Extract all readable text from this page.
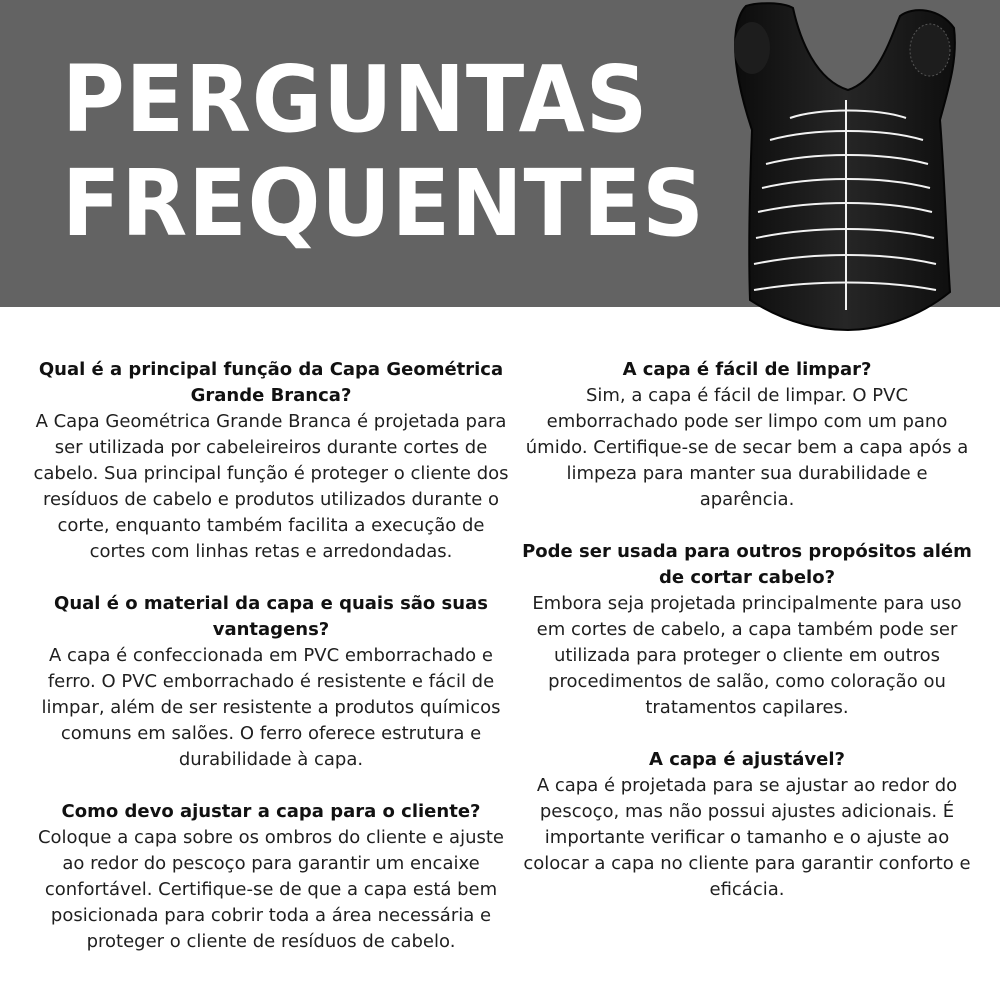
PERGUNTAS
FREQUENTES
Qual é a principal função da Capa Geométrica Grande Branca?
A Capa Geométrica Grande Branca é projetada para ser utilizada por cabeleireiros durante cortes de cabelo. Sua principal função é proteger o cliente dos resíduos de cabelo e produtos utilizados durante o corte, enquanto também facilita a execução de cortes com linhas retas e arredondadas.
Qual é o material da capa e quais são suas vantagens?
A capa é confeccionada em PVC emborrachado e ferro. O PVC emborrachado é resistente e fácil de limpar, além de ser resistente a produtos químicos comuns em salões. O ferro oferece estrutura e durabilidade à capa.
Como devo ajustar a capa para o cliente?
Coloque a capa sobre os ombros do cliente e ajuste ao redor do pescoço para garantir um encaixe confortável. Certifique-se de que a capa está bem posicionada para cobrir toda a área necessária e proteger o cliente de resíduos de cabelo.
A capa é fácil de limpar?
Sim, a capa é fácil de limpar. O PVC emborrachado pode ser limpo com um pano úmido. Certifique-se de secar bem a capa após a limpeza para manter sua durabilidade e aparência.
Pode ser usada para outros propósitos além de cortar cabelo?
Embora seja projetada principalmente para uso em cortes de cabelo, a capa também pode ser utilizada para proteger o cliente em outros procedimentos de salão, como coloração ou tratamentos capilares.
A capa é ajustável?
A capa é projetada para se ajustar ao redor do pescoço, mas não possui ajustes adicionais. É importante verificar o tamanho e o ajuste ao colocar a capa no cliente para garantir conforto e eficácia.
